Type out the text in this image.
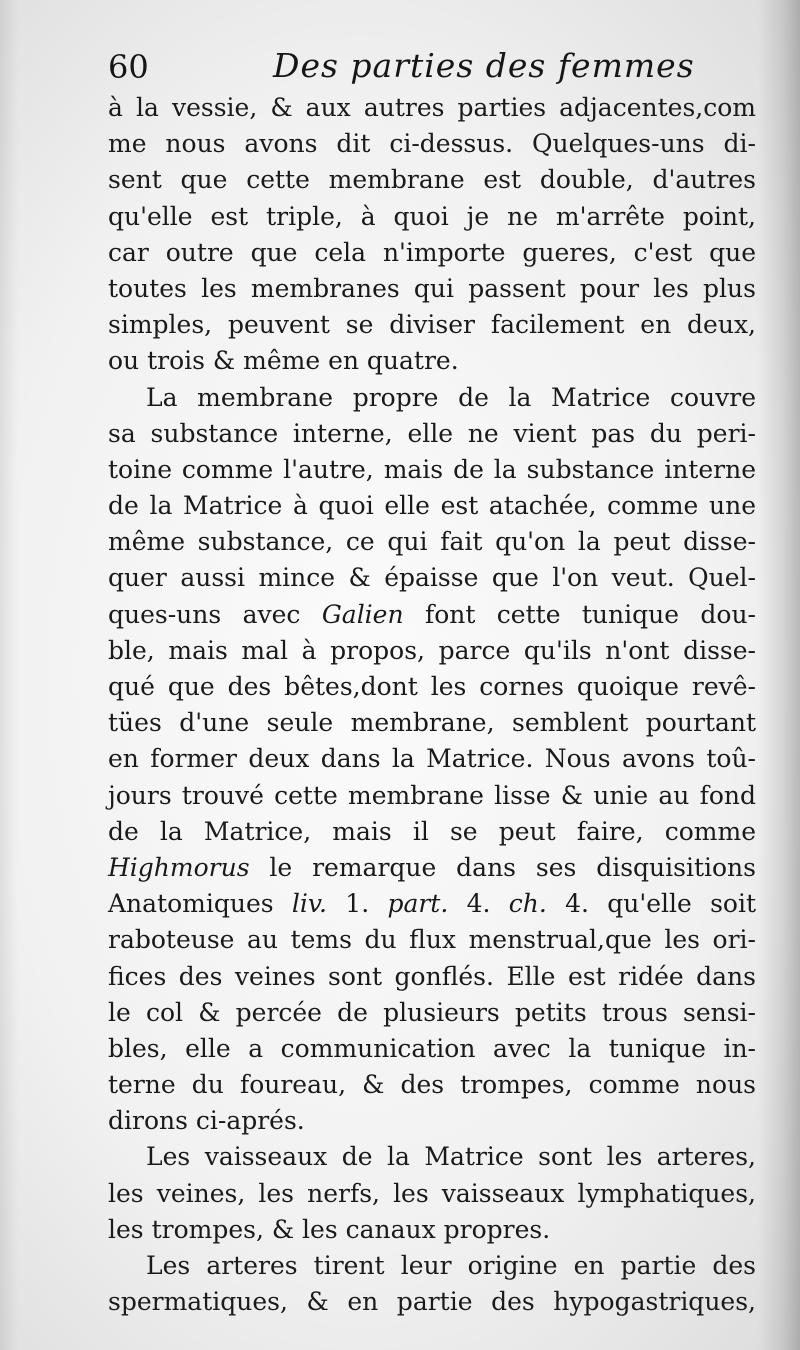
60	Des parties des femmes
à la vessie, & aux autres parties adjacentes,com
me nous avons dit ci-dessus. Quelques-uns di-
sent que cette membrane est double, d'autres
qu'elle est triple, à quoi je ne m'arrête point,
car outre que cela n'importe gueres, c'est que
toutes les membranes qui passent pour les plus
simples, peuvent se diviser facilement en deux,
ou trois & même en quatre.
La membrane propre de la Matrice couvre
sa substance interne, elle ne vient pas du peri-
toine comme l'autre, mais de la substance interne
de la Matrice à quoi elle est atachée, comme une
même substance, ce qui fait qu'on la peut disse-
quer aussi mince & épaisse que l'on veut. Quel-
ques-uns avec Galien font cette tunique dou-
ble, mais mal à propos, parce qu'ils n'ont disse-
qué que des bêtes,dont les cornes quoique revê-
tües d'une seule membrane, semblent pourtant
en former deux dans la Matrice. Nous avons toû-
jours trouvé cette membrane lisse & unie au fond
de la Matrice, mais il se peut faire, comme
Highmorus le remarque dans ses disquisitions
Anatomiques liv. 1. part. 4. ch. 4. qu'elle soit
raboteuse au tems du flux menstrual,que les ori-
fices des veines sont gonflés. Elle est ridée dans
le col & percée de plusieurs petits trous sensi-
bles, elle a communication avec la tunique in-
terne du foureau, & des trompes, comme nous
dirons ci-aprés.
Les vaisseaux de la Matrice sont les arteres,
les veines, les nerfs, les vaisseaux lymphatiques,
les trompes, & les canaux propres.
Les arteres tirent leur origine en partie des
spermatiques, & en partie des hypogastriques,
